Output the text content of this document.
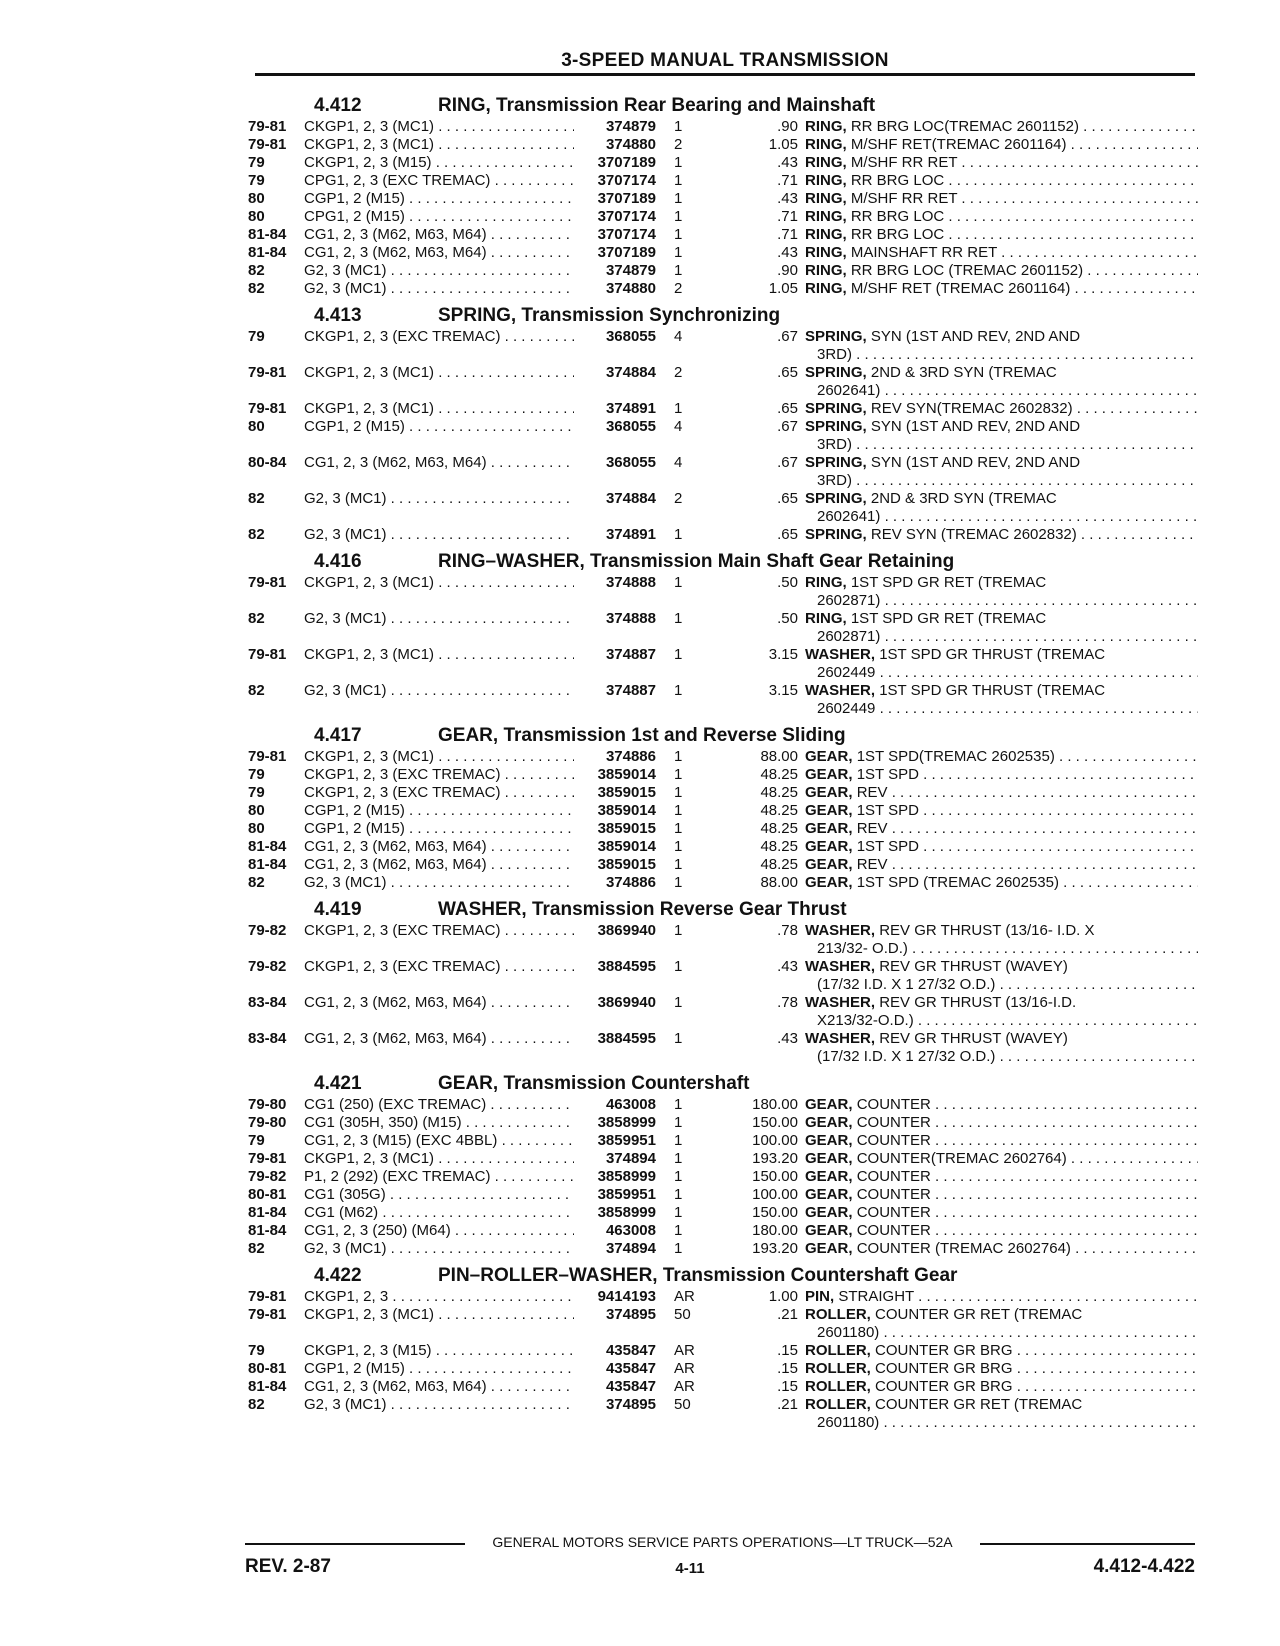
3-SPEED MANUAL TRANSMISSION
4.412	RING, Transmission Rear Bearing and Mainshaft
79-81	CKGP1, 2, 3 (MC1) . . .	374879 1	.90 RING, RR BRG LOC(TREMAC 2601152) . . .
79-81	CKGP1, 2, 3 (MC1) . . .	374880 2	1.05 RING, M/SHF RET(TREMAC 2601164) . . .
79	CKGP1, 2, 3 (M15) . . .	3707189 1	.43 RING, M/SHF RR RET . . .
79	CPG1, 2, 3 (EXC TREMAC) . . .	3707174 1	.71 RING, RR BRG LOC . . .
80	CGP1, 2 (M15) . . .	3707189 1	.43 RING, M/SHF RR RET . . .
80	CPG1, 2 (M15) . . .	3707174 1	.71 RING, RR BRG LOC . . .
81-84	CG1, 2, 3 (M62, M63, M64) . . .	3707174 1	.71 RING, RR BRG LOC . . .
81-84	CG1, 2, 3 (M62, M63, M64) . . .	3707189 1	.43 RING, MAINSHAFT RR RET . . .
82	G2, 3 (MC1) . . .	374879 1	.90 RING, RR BRG LOC (TREMAC 2601152) . . .
82	G2, 3 (MC1) . . .	374880 2	1.05 RING, M/SHF RET (TREMAC 2601164) . . .
4.413	SPRING, Transmission Synchronizing
79	CKGP1, 2, 3 (EXC TREMAC) . . .	368055 4	.67 SPRING, SYN (1ST AND REV, 2ND AND
3RD) . . .
79-81	CKGP1, 2, 3 (MC1) . . .	374884 2	.65 SPRING, 2ND & 3RD SYN (TREMAC
2602641) . . .
79-81	CKGP1, 2, 3 (MC1) . . .	374891 1	.65 SPRING, REV SYN(TREMAC 2602832) . . .
80	CGP1, 2 (M15) . . .	368055 4	.67 SPRING, SYN (1ST AND REV, 2ND AND
3RD) . . .
80-84	CG1, 2, 3 (M62, M63, M64) . . .	368055 4	.67 SPRING, SYN (1ST AND REV, 2ND AND
3RD) . . .
82	G2, 3 (MC1) . . .	374884 2	.65 SPRING, 2ND & 3RD SYN (TREMAC
2602641) . . .
82	G2, 3 (MC1) . . .	374891 1	.65 SPRING, REV SYN (TREMAC 2602832) . . .
4.416	RING–WASHER, Transmission Main Shaft Gear Retaining
79-81	CKGP1, 2, 3 (MC1) . . .	374888 1	.50 RING, 1ST SPD GR RET (TREMAC
2602871) . . .
82	G2, 3 (MC1) . . .	374888 1	.50 RING, 1ST SPD GR RET (TREMAC
2602871) . . .
79-81	CKGP1, 2, 3 (MC1) . . .	374887 1	3.15 WASHER, 1ST SPD GR THRUST (TREMAC
2602449 . . .
82	G2, 3 (MC1) . . .	374887 1	3.15 WASHER, 1ST SPD GR THRUST (TREMAC
2602449 . . .
4.417	GEAR, Transmission 1st and Reverse Sliding
79-81	CKGP1, 2, 3 (MC1) . . .	374886 1	88.00 GEAR, 1ST SPD(TREMAC 2602535) . . .
79	CKGP1, 2, 3 (EXC TREMAC) . . .	3859014 1	48.25 GEAR, 1ST SPD . . .
79	CKGP1, 2, 3 (EXC TREMAC) . . .	3859015 1	48.25 GEAR, REV . . .
80	CGP1, 2 (M15) . . .	3859014 1	48.25 GEAR, 1ST SPD . . .
80	CGP1, 2 (M15) . . .	3859015 1	48.25 GEAR, REV . . .
81-84	CG1, 2, 3 (M62, M63, M64) . . .	3859014 1	48.25 GEAR, 1ST SPD . . .
81-84	CG1, 2, 3 (M62, M63, M64) . . .	3859015 1	48.25 GEAR, REV . . .
82	G2, 3 (MC1) . . .	374886 1	88.00 GEAR, 1ST SPD (TREMAC 2602535) . . .
4.419	WASHER, Transmission Reverse Gear Thrust
79-82	CKGP1, 2, 3 (EXC TREMAC) . . .	3869940 1	.78 WASHER, REV GR THRUST (13/16- I.D. X
213/32- O.D.) . . .
79-82	CKGP1, 2, 3 (EXC TREMAC) . . .	3884595 1	.43 WASHER, REV GR THRUST (WAVEY)
(17/32 I.D. X 1 27/32 O.D.) . . .
83-84	CG1, 2, 3 (M62, M63, M64) . . .	3869940 1	.78 WASHER, REV GR THRUST (13/16-I.D.
X213/32-O.D.) . . .
83-84	CG1, 2, 3 (M62, M63, M64) . . .	3884595 1	.43 WASHER, REV GR THRUST (WAVEY)
(17/32 I.D. X 1 27/32 O.D.) . . .
4.421	GEAR, Transmission Countershaft
79-80	CG1 (250) (EXC TREMAC) . . .	463008 1	180.00 GEAR, COUNTER . . .
79-80	CG1 (305H, 350) (M15) . . .	3858999 1	150.00 GEAR, COUNTER . . .
79	CG1, 2, 3 (M15) (EXC 4BBL) . . .	3859951 1	100.00 GEAR, COUNTER . . .
79-81	CKGP1, 2, 3 (MC1) . . .	374894 1	193.20 GEAR, COUNTER(TREMAC 2602764) . . .
79-82	P1, 2 (292) (EXC TREMAC) . . .	3858999 1	150.00 GEAR, COUNTER . . .
80-81	CG1 (305G) . . .	3859951 1	100.00 GEAR, COUNTER . . .
81-84	CG1 (M62) . . .	3858999 1	150.00 GEAR, COUNTER . . .
81-84	CG1, 2, 3 (250) (M64) . . .	463008 1	180.00 GEAR, COUNTER . . .
82	G2, 3 (MC1) . . .	374894 1	193.20 GEAR, COUNTER (TREMAC 2602764) . . .
4.422	PIN–ROLLER–WASHER, Transmission Countershaft Gear
79-81	CKGP1, 2, 3 . . .	9414193 AR	1.00 PIN, STRAIGHT . . .
79-81	CKGP1, 2, 3 (MC1) . . .	374895 50	.21 ROLLER, COUNTER GR RET (TREMAC
2601180) . . .
79	CKGP1, 2, 3 (M15) . . .	435847 AR	.15 ROLLER, COUNTER GR BRG . . .
80-81	CGP1, 2 (M15) . . .	435847 AR	.15 ROLLER, COUNTER GR BRG . . .
81-84	CG1, 2, 3 (M62, M63, M64) . . .	435847 AR	.15 ROLLER, COUNTER GR BRG . . .
82	G2, 3 (MC1) . . .	374895 50	.21 ROLLER, COUNTER GR RET (TREMAC
2601180) . . .
GENERAL MOTORS SERVICE PARTS OPERATIONS—LT TRUCK—52A
REV. 2-87	4-11	4.412-4.422
